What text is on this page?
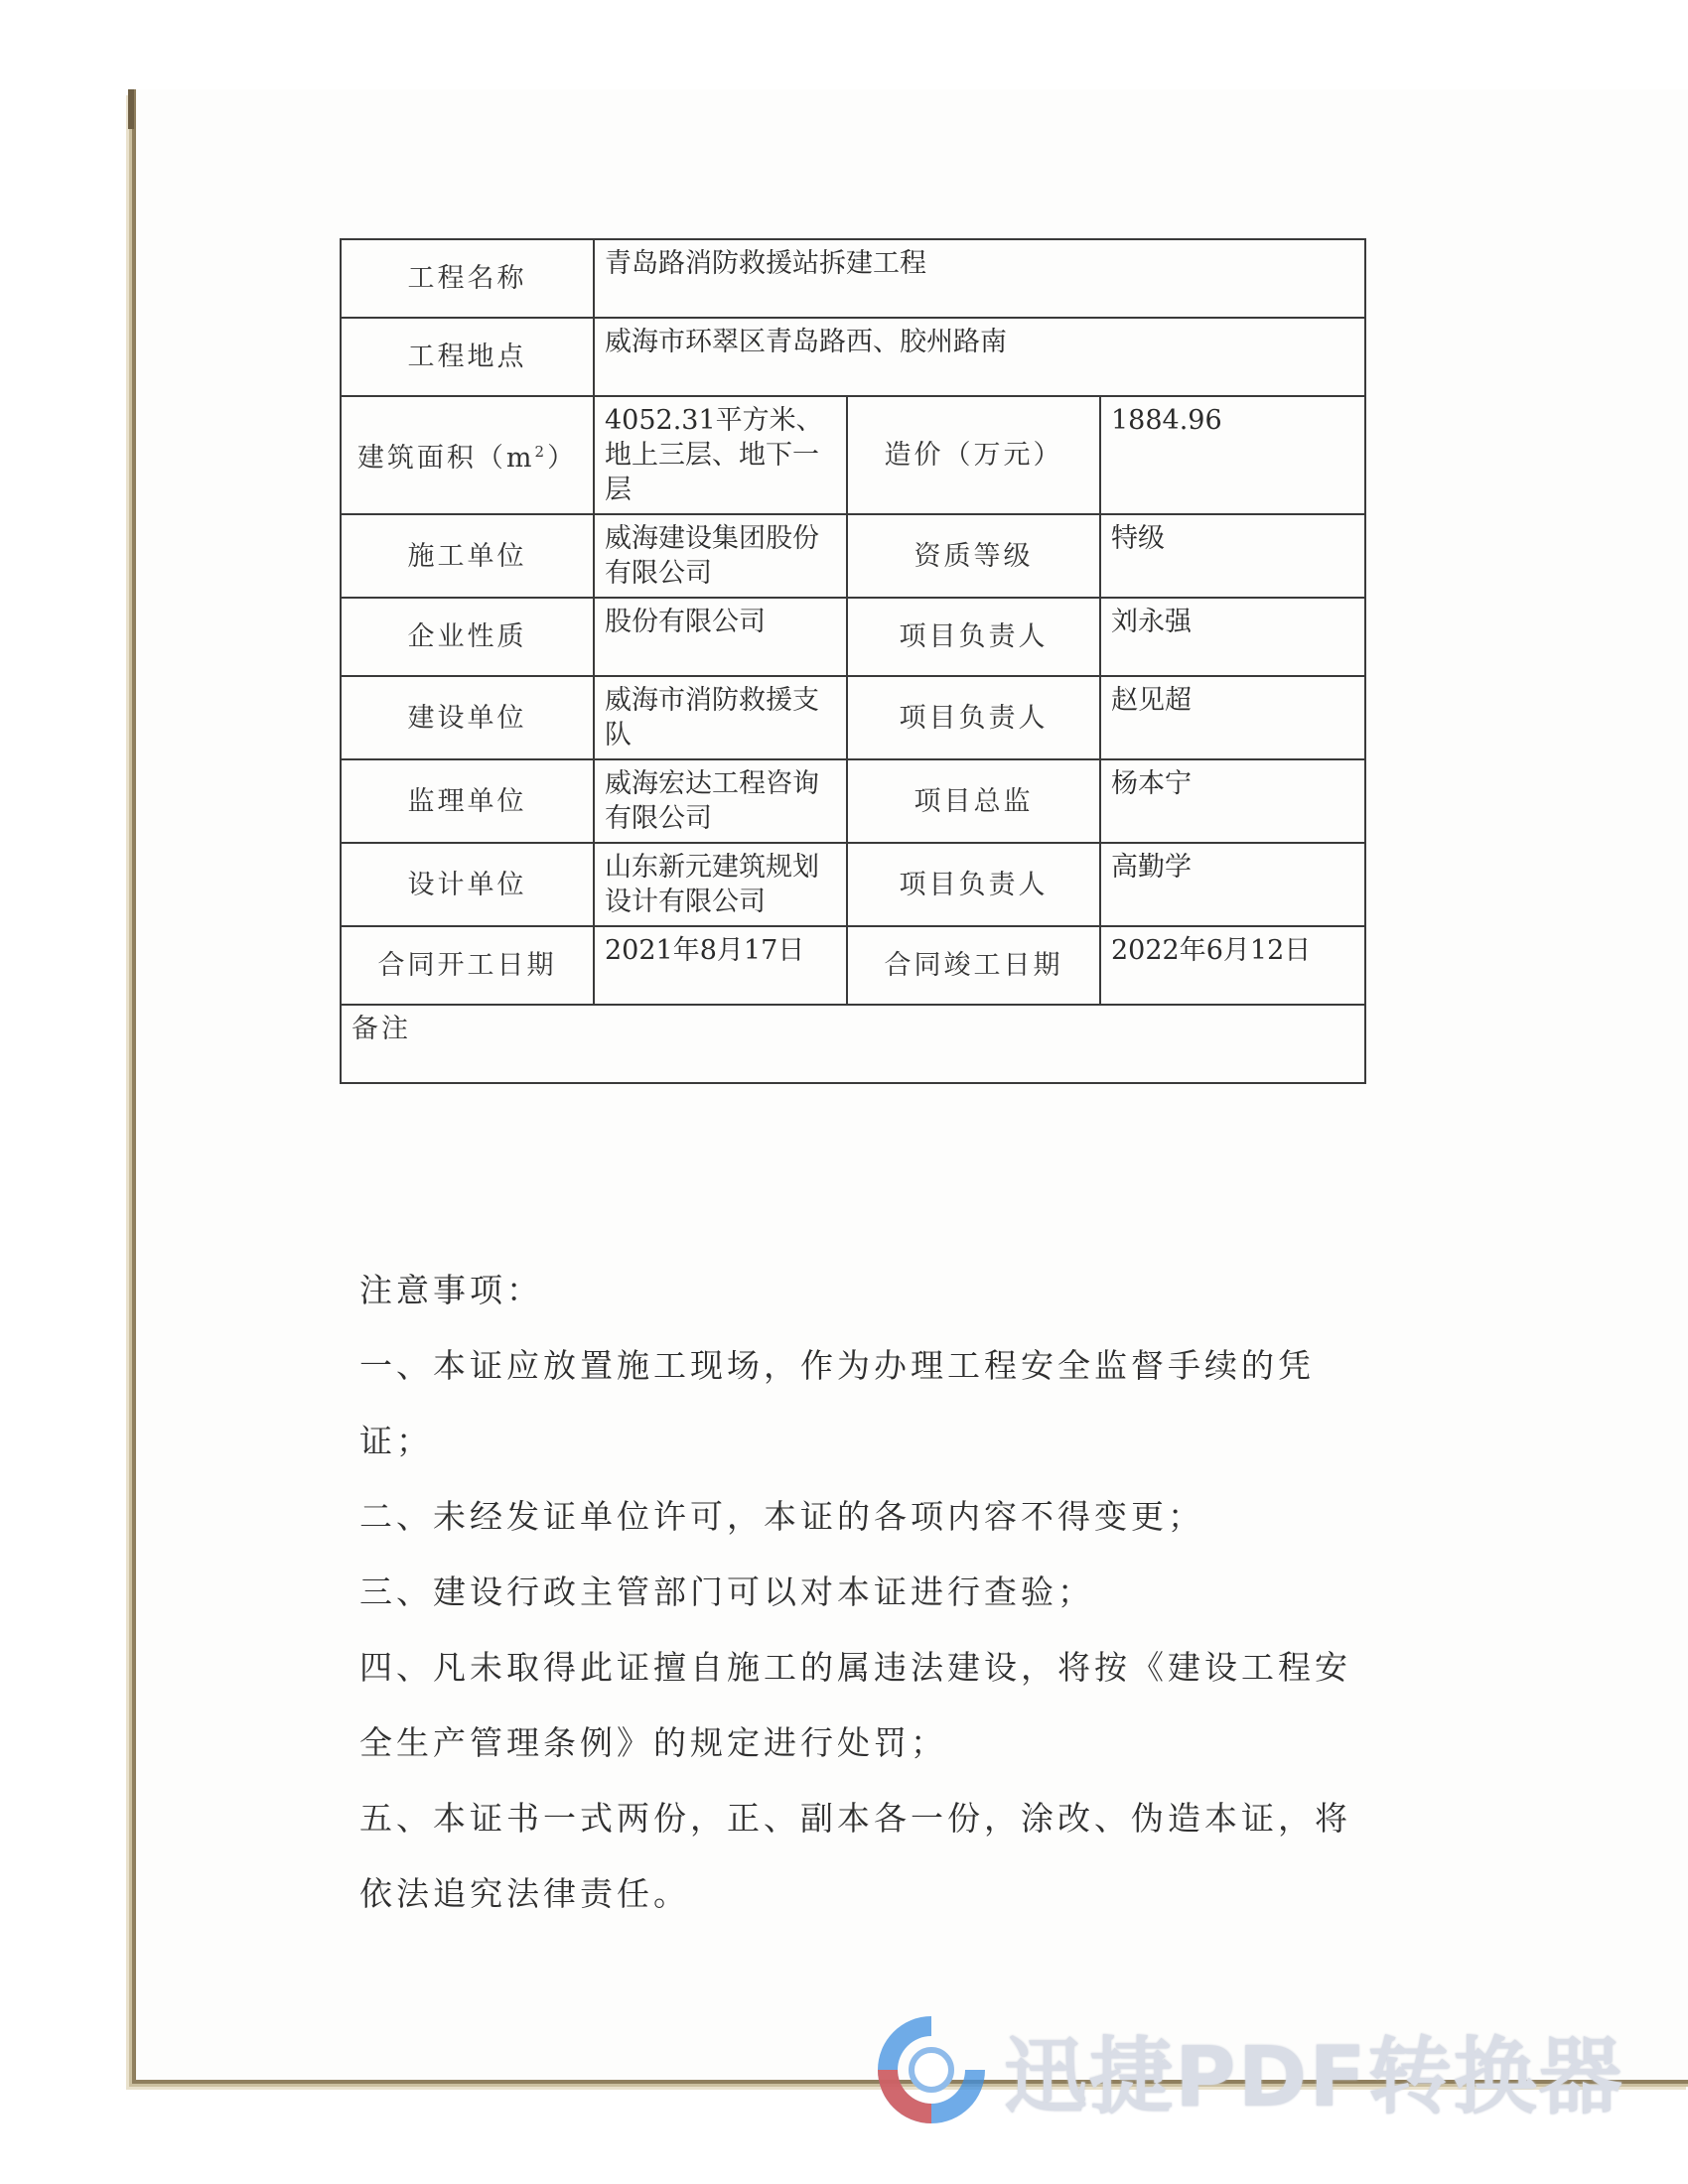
工程名称	青岛路消防救援站拆建工程		
工程地点	威海市环翠区青岛路西、胶州路南		
建筑面积$(m^2)$	4052.31平方米、地上三层、地下一层	造价（万元）	1884.96
施工单位	威海建设集团股份有限公司	资质等级	特级
企业性质	股份有限公司	项目负责人	刘永强
建设单位	威海市消防救援支队	项目负责人	赵见超
监理单位	威海宏达工程咨询有限公司	项目总监	杨本宁
设计单位	山东新元建筑规划设计有限公司	项目负责人	高勤学
合同开工日期	2021年8月17日	合同竣工日期	2022年6月12日
备注			

注意事项：

一、本证应放置施工现场，作为办理工程安全监督手续的凭证；

二、未经发证单位许可，本证的各项内容不得变更；

三、建设行政主管部门可以对本证进行查验；

四、凡未取得此证擅自施工的属违法建设，将按《建设工程安全生产管理条例》的规定进行处罚；

五、本证书一式两份，正、副本各一份，涂改、伪造本证，将依法追究法律责任。

迅捷PDF转换器
